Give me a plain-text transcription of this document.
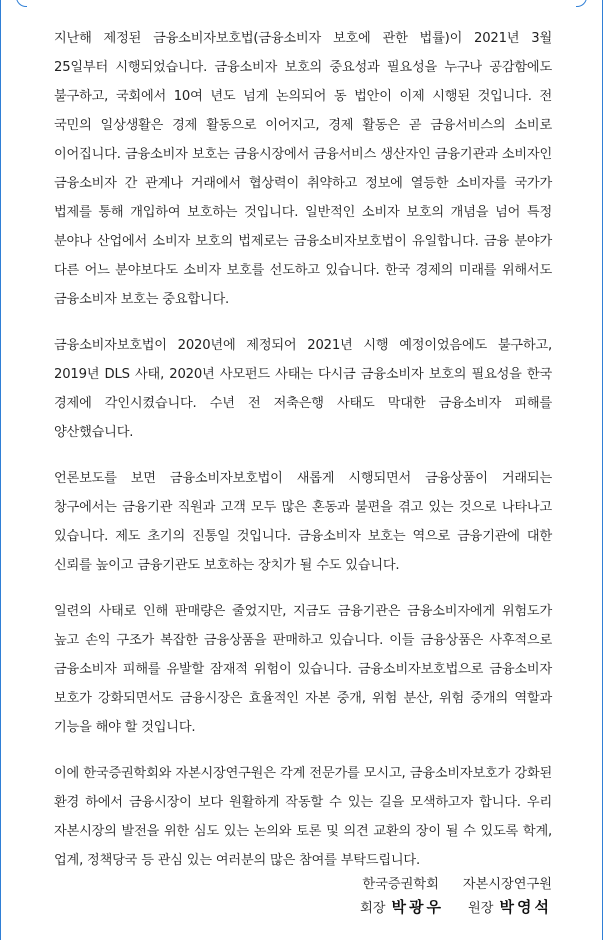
지난해 제정된 금융소비자보호법(금융소비자 보호에 관한 법률)이 2021년 3월 25일부터 시행되었습니다. 금융소비자 보호의 중요성과 필요성을 누구나 공감함에도 불구하고, 국회에서 10여 년도 넘게 논의되어 동 법안이 이제 시행된 것입니다. 전 국민의 일상생활은 경제 활동으로 이어지고, 경제 활동은 곧 금융서비스의 소비로 이어집니다. 금융소비자 보호는 금융시장에서 금융서비스 생산자인 금융기관과 소비자인 금융소비자 간 관계나 거래에서 협상력이 취약하고 정보에 열등한 소비자를 국가가 법제를 통해 개입하여 보호하는 것입니다. 일반적인 소비자 보호의 개념을 넘어 특정 분야나 산업에서 소비자 보호의 법제로는 금융소비자보호법이 유일합니다. 금융 분야가 다른 어느 분야보다도 소비자 보호를 선도하고 있습니다. 한국 경제의 미래를 위해서도 금융소비자 보호는 중요합니다.

금융소비자보호법이 2020년에 제정되어 2021년 시행 예정이었음에도 불구하고, 2019년 DLS 사태, 2020년 사모펀드 사태는 다시금 금융소비자 보호의 필요성을 한국 경제에 각인시켰습니다. 수년 전 저축은행 사태도 막대한 금융소비자 피해를 양산했습니다.

언론보도를 보면 금융소비자보호법이 새롭게 시행되면서 금융상품이 거래되는 창구에서는 금융기관 직원과 고객 모두 많은 혼동과 불편을 겪고 있는 것으로 나타나고 있습니다. 제도 초기의 진통일 것입니다. 금융소비자 보호는 역으로 금융기관에 대한 신뢰를 높이고 금융기관도 보호하는 장치가 될 수도 있습니다.

일련의 사태로 인해 판매량은 줄었지만, 지금도 금융기관은 금융소비자에게 위험도가 높고 손익 구조가 복잡한 금융상품을 판매하고 있습니다. 이들 금융상품은 사후적으로 금융소비자 피해를 유발할 잠재적 위험이 있습니다. 금융소비자보호법으로 금융소비자 보호가 강화되면서도 금융시장은 효율적인 자본 중개, 위험 분산, 위험 중개의 역할과 기능을 해야 할 것입니다.

이에 한국증권학회와 자본시장연구원은 각계 전문가를 모시고, 금융소비자보호가 강화된 환경 하에서 금융시장이 보다 원활하게 작동할 수 있는 길을 모색하고자 합니다. 우리 자본시장의 발전을 위한 심도 있는 논의와 토론 및 의견 교환의 장이 될 수 있도록 학계, 업계, 정책당국 등 관심 있는 여러분의 많은 참여를 부탁드립니다.

한국증권학회 자본시장연구원
회장 박광우 원장 박영석
